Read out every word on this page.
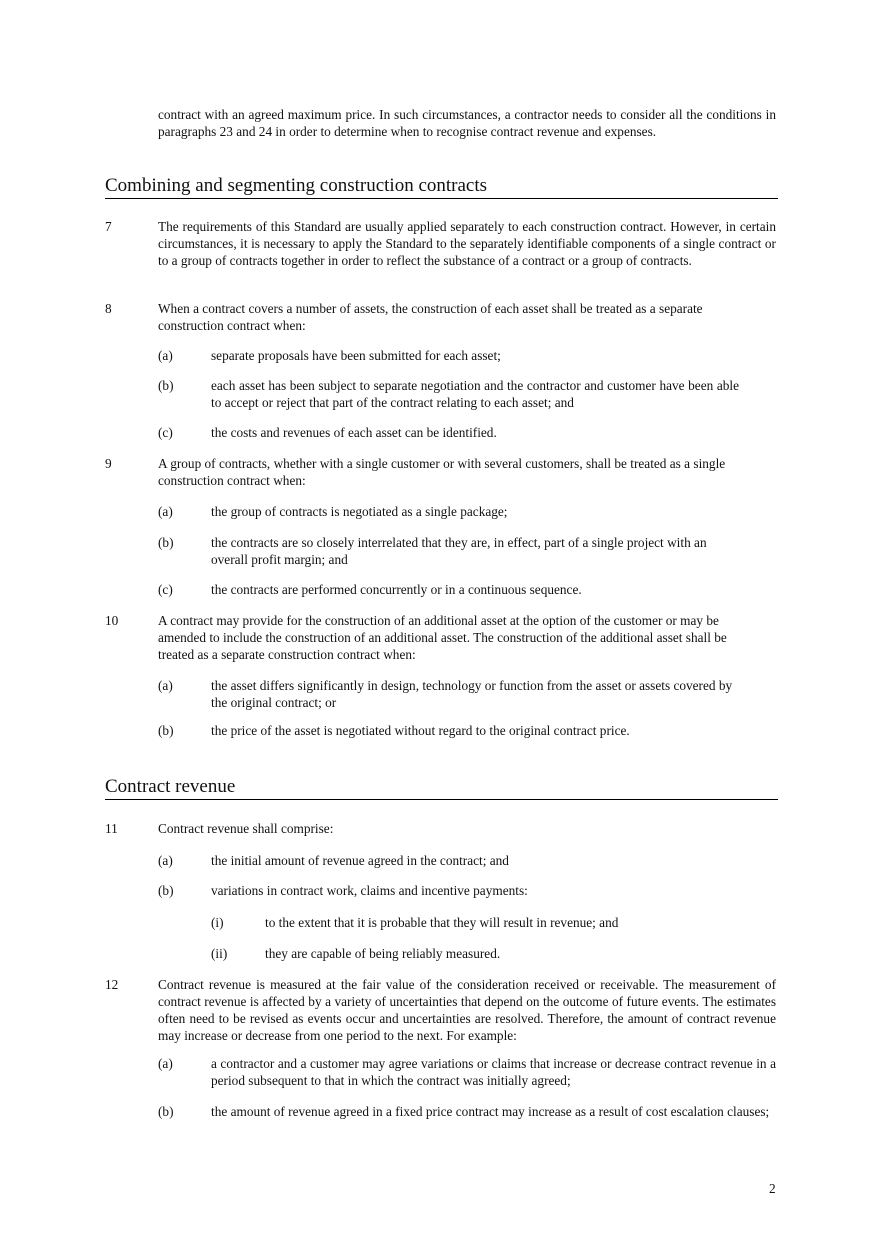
contract with an agreed maximum price. In such circumstances, a contractor needs to consider all the conditions in paragraphs 23 and 24 in order to determine when to recognise contract revenue and expenses.
Combining and segmenting construction contracts
7	The requirements of this Standard are usually applied separately to each construction contract. However, in certain circumstances, it is necessary to apply the Standard to the separately identifiable components of a single contract or to a group of contracts together in order to reflect the substance of a contract or a group of contracts.
8	When a contract covers a number of assets, the construction of each asset shall be treated as a separate construction contract when:
(a)	separate proposals have been submitted for each asset;
(b)	each asset has been subject to separate negotiation and the contractor and customer have been able to accept or reject that part of the contract relating to each asset; and
(c)	the costs and revenues of each asset can be identified.
9	A group of contracts, whether with a single customer or with several customers, shall be treated as a single construction contract when:
(a)	the group of contracts is negotiated as a single package;
(b)	the contracts are so closely interrelated that they are, in effect, part of a single project with an overall profit margin; and
(c)	the contracts are performed concurrently or in a continuous sequence.
10	A contract may provide for the construction of an additional asset at the option of the customer or may be amended to include the construction of an additional asset. The construction of the additional asset shall be treated as a separate construction contract when:
(a)	the asset differs significantly in design, technology or function from the asset or assets covered by the original contract; or
(b)	the price of the asset is negotiated without regard to the original contract price.
Contract revenue
11	Contract revenue shall comprise:
(a)	the initial amount of revenue agreed in the contract; and
(b)	variations in contract work, claims and incentive payments:
(i)	to the extent that it is probable that they will result in revenue; and
(ii)	they are capable of being reliably measured.
12	Contract revenue is measured at the fair value of the consideration received or receivable. The measurement of contract revenue is affected by a variety of uncertainties that depend on the outcome of future events. The estimates often need to be revised as events occur and uncertainties are resolved. Therefore, the amount of contract revenue may increase or decrease from one period to the next. For example:
(a)	a contractor and a customer may agree variations or claims that increase or decrease contract revenue in a period subsequent to that in which the contract was initially agreed;
(b)	the amount of revenue agreed in a fixed price contract may increase as a result of cost escalation clauses;
2
